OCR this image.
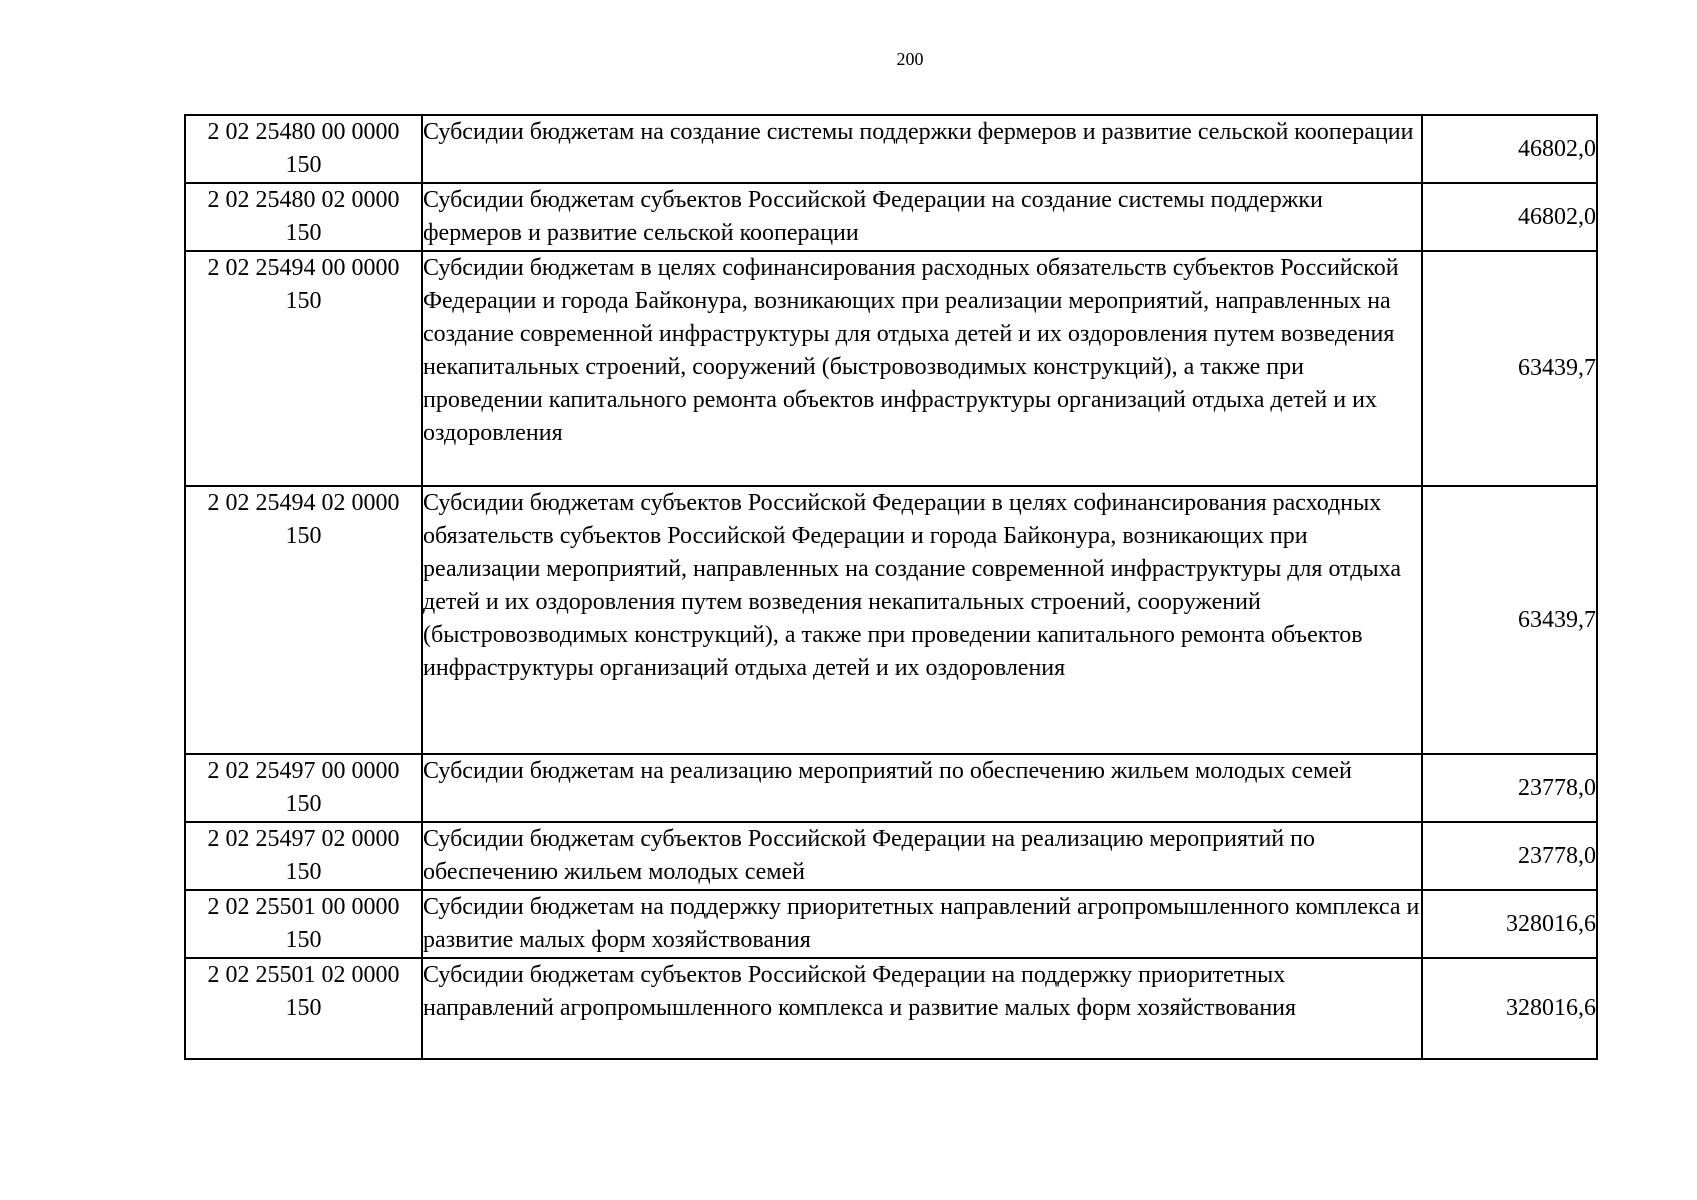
200
2 02 25480 00 0000
150	Субсидии бюджетам на создание системы поддержки фермеров и развитие сельской кооперации	46802,0

2 02 25480 02 0000
150	Субсидии бюджетам субъектов Российской Федерации на создание системы поддержки фермеров и развитие сельской кооперации	46802,0

2 02 25494 00 0000
150	Субсидии бюджетам в целях софинансирования расходных обязательств субъектов Российской Федерации и города Байконура, возникающих при реализации мероприятий, направленных на создание современной инфраструктуры для отдыха детей и их оздоровления путем возведения некапитальных строений, сооружений (быстровозводимых конструкций), а также при проведении капитального ремонта объектов инфраструктуры организаций отдыха детей и их оздоровления	63439,7

2 02 25494 02 0000
150	Субсидии бюджетам субъектов Российской Федерации в целях софинансирования расходных обязательств субъектов Российской Федерации и города Байконура, возникающих при реализации мероприятий, направленных на создание современной инфраструктуры для отдыха детей и их оздоровления путем возведения некапитальных строений, сооружений (быстровозводимых конструкций), а также при проведении капитального ремонта объектов инфраструктуры организаций отдыха детей и их оздоровления	63439,7

2 02 25497 00 0000
150	Субсидии бюджетам на реализацию мероприятий по обеспечению жильем молодых семей	23778,0

2 02 25497 02 0000
150	Субсидии бюджетам субъектов Российской Федерации на реализацию мероприятий по обеспечению жильем молодых семей	23778,0

2 02 25501 00 0000
150	Субсидии бюджетам на поддержку приоритетных направлений агропромышленного комплекса и развитие малых форм хозяйствования	328016,6

2 02 25501 02 0000
150	Субсидии бюджетам субъектов Российской Федерации на поддержку приоритетных направлений агропромышленного комплекса и развитие малых форм хозяйствования	328016,6
